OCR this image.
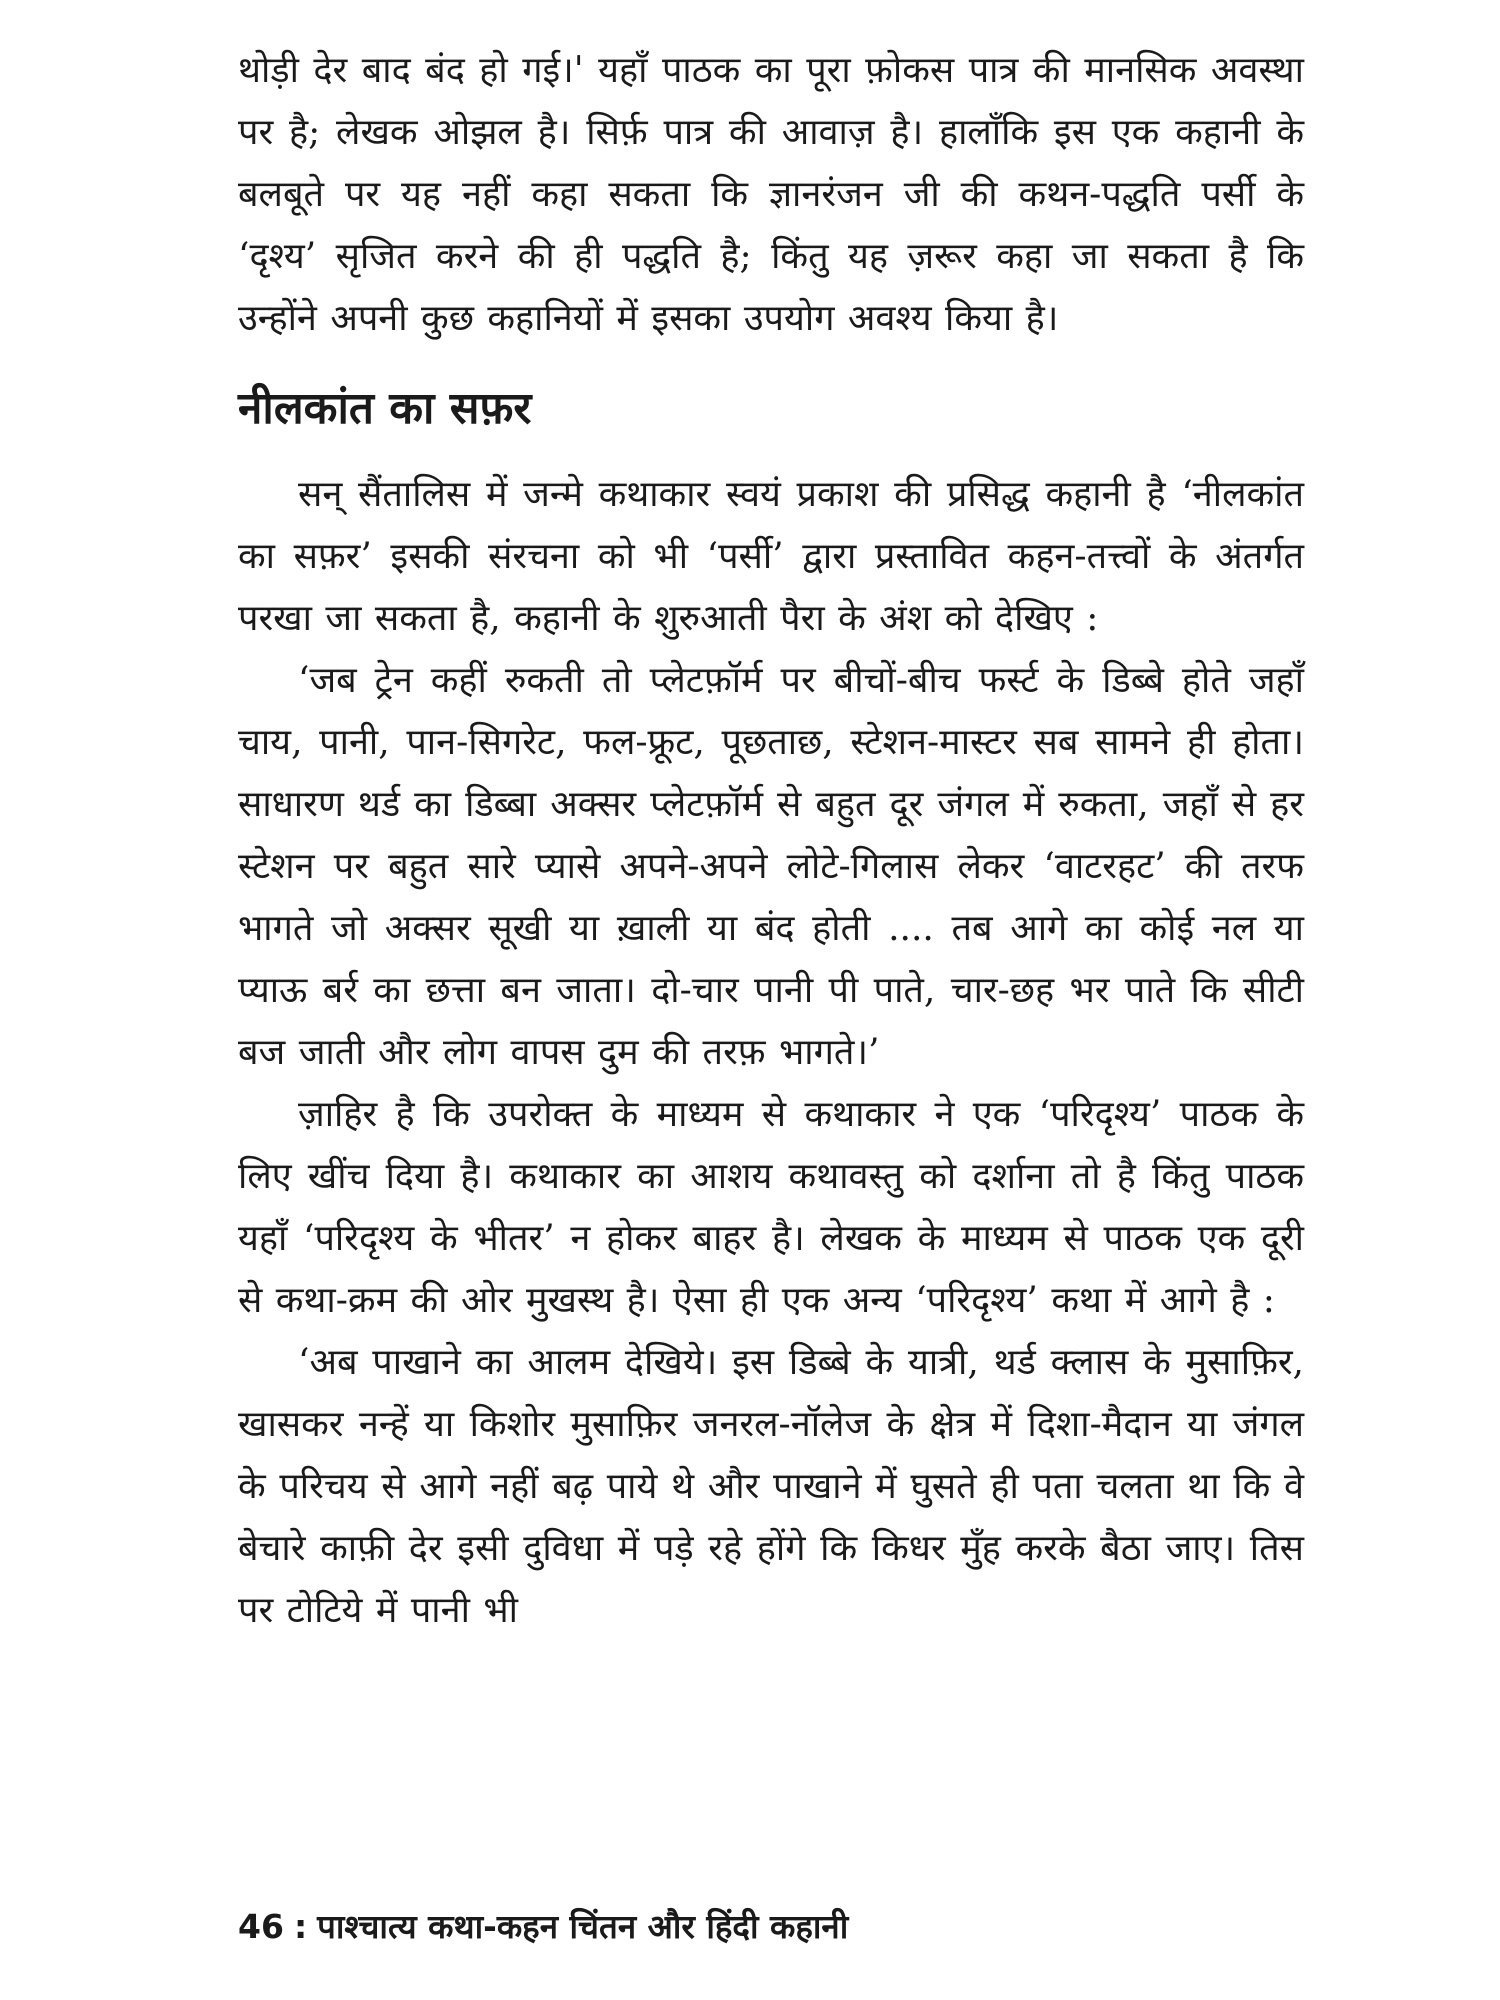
थोड़ी देर बाद बंद हो गई।' यहाँ पाठक का पूरा फ़ोकस पात्र की मानसिक अवस्था पर है; लेखक ओझल है। सिर्फ़ पात्र की आवाज़ है। हालाँकि इस एक कहानी के बलबूते पर यह नहीं कहा सकता कि ज्ञानरंजन जी की कथन-पद्धति पर्सी के ‘दृश्य’ सृजित करने की ही पद्धति है; किंतु यह ज़रूर कहा जा सकता है कि उन्होंने अपनी कुछ कहानियों में इसका उपयोग अवश्य किया है।

नीलकांत का सफ़र

सन् सैंतालिस में जन्मे कथाकार स्वयं प्रकाश की प्रसिद्ध कहानी है ‘नीलकांत का सफ़र’ इसकी संरचना को भी ‘पर्सी’ द्वारा प्रस्तावित कहन-तत्त्वों के अंतर्गत परखा जा सकता है, कहानी के शुरुआती पैरा के अंश को देखिए :

‘जब ट्रेन कहीं रुकती तो प्लेटफ़ॉर्म पर बीचों-बीच फर्स्ट के डिब्बे होते जहाँ चाय, पानी, पान-सिगरेट, फल-फ्रूट, पूछताछ, स्टेशन-मास्टर सब सामने ही होता। साधारण थर्ड का डिब्बा अक्सर प्लेटफ़ॉर्म से बहुत दूर जंगल में रुकता, जहाँ से हर स्टेशन पर बहुत सारे प्यासे अपने-अपने लोटे-गिलास लेकर ‘वाटरहट’ की तरफ भागते जो अक्सर सूखी या ख़ाली या बंद होती .... तब आगे का कोई नल या प्याऊ बर्र का छत्ता बन जाता। दो-चार पानी पी पाते, चार-छह भर पाते कि सीटी बज जाती और लोग वापस दुम की तरफ़ भागते।’

ज़ाहिर है कि उपरोक्त के माध्यम से कथाकार ने एक ‘परिदृश्य’ पाठक के लिए खींच दिया है। कथाकार का आशय कथावस्तु को दर्शाना तो है किंतु पाठक यहाँ ‘परिदृश्य के भीतर’ न होकर बाहर है। लेखक के माध्यम से पाठक एक दूरी से कथा-क्रम की ओर मुखस्थ है। ऐसा ही एक अन्य ‘परिदृश्य’ कथा में आगे है :

‘अब पाखाने का आलम देखिये। इस डिब्बे के यात्री, थर्ड क्लास के मुसाफ़िर, खासकर नन्हें या किशोर मुसाफ़िर जनरल-नॉलेज के क्षेत्र में दिशा-मैदान या जंगल के परिचय से आगे नहीं बढ़ पाये थे और पाखाने में घुसते ही पता चलता था कि वे बेचारे काफ़ी देर इसी दुविधा में पड़े रहे होंगे कि किधर मुँह करके बैठा जाए। तिस पर टोटिये में पानी भी

46 : पाश्चात्य कथा-कहन चिंतन और हिंदी कहानी
